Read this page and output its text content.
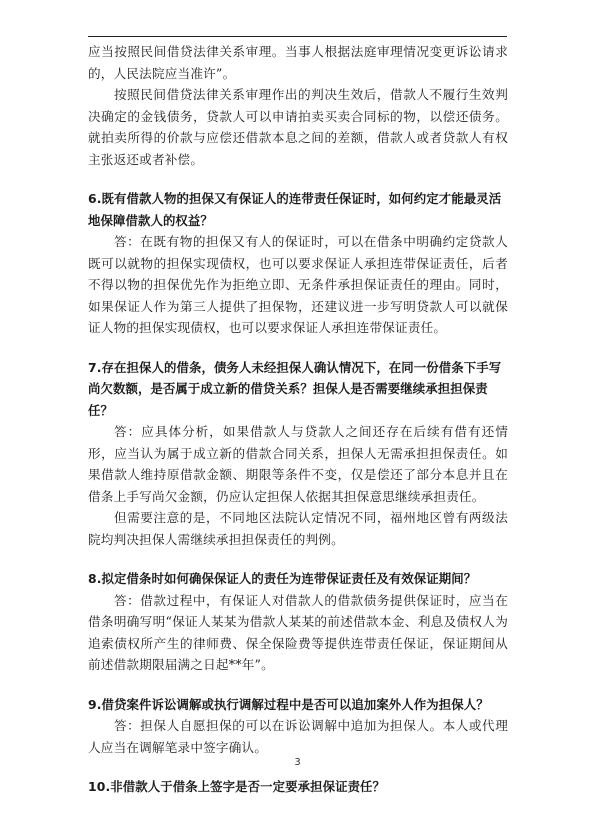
应当按照民间借贷法律关系审理。当事人根据法庭审理情况变更诉讼请求的，人民法院应当准许”。

按照民间借贷法律关系审理作出的判决生效后，借款人不履行生效判决确定的金钱债务，贷款人可以申请拍卖买卖合同标的物，以偿还债务。就拍卖所得的价款与应偿还借款本息之间的差额，借款人或者贷款人有权主张返还或者补偿。

6.既有借款人物的担保又有保证人的连带责任保证时，如何约定才能最灵活地保障借款人的权益？

答：在既有物的担保又有人的保证时，可以在借条中明确约定贷款人既可以就物的担保实现债权，也可以要求保证人承担连带保证责任，后者不得以物的担保优先作为拒绝立即、无条件承担保证责任的理由。同时，如果保证人作为第三人提供了担保物，还建议进一步写明贷款人可以就保证人物的担保实现债权，也可以要求保证人承担连带保证责任。

7.存在担保人的借条，债务人未经担保人确认情况下，在同一份借条下手写尚欠数额，是否属于成立新的借贷关系？担保人是否需要继续承担担保责任？

答：应具体分析，如果借款人与贷款人之间还存在后续有借有还情形，应当认为属于成立新的借款合同关系，担保人无需承担担保责任。如果借款人维持原借款金额、期限等条件不变，仅是偿还了部分本息并且在借条上手写尚欠金额，仍应认定担保人依据其担保意思继续承担责任。

但需要注意的是，不同地区法院认定情况不同，福州地区曾有两级法院均判决担保人需继续承担担保责任的判例。

8.拟定借条时如何确保保证人的责任为连带保证责任及有效保证期间？

答：借款过程中，有保证人对借款人的借款债务提供保证时，应当在借条明确写明“保证人某某为借款人某某的前述借款本金、利息及债权人为追索债权所产生的律师费、保全保险费等提供连带责任保证，保证期间从前述借款期限届满之日起**年”。

9.借贷案件诉讼调解或执行调解过程中是否可以追加案外人作为担保人？

答：担保人自愿担保的可以在诉讼调解中追加为担保人。本人或代理人应当在调解笔录中签字确认。

10.非借款人于借条上签字是否一定要承担保证责任？
3
